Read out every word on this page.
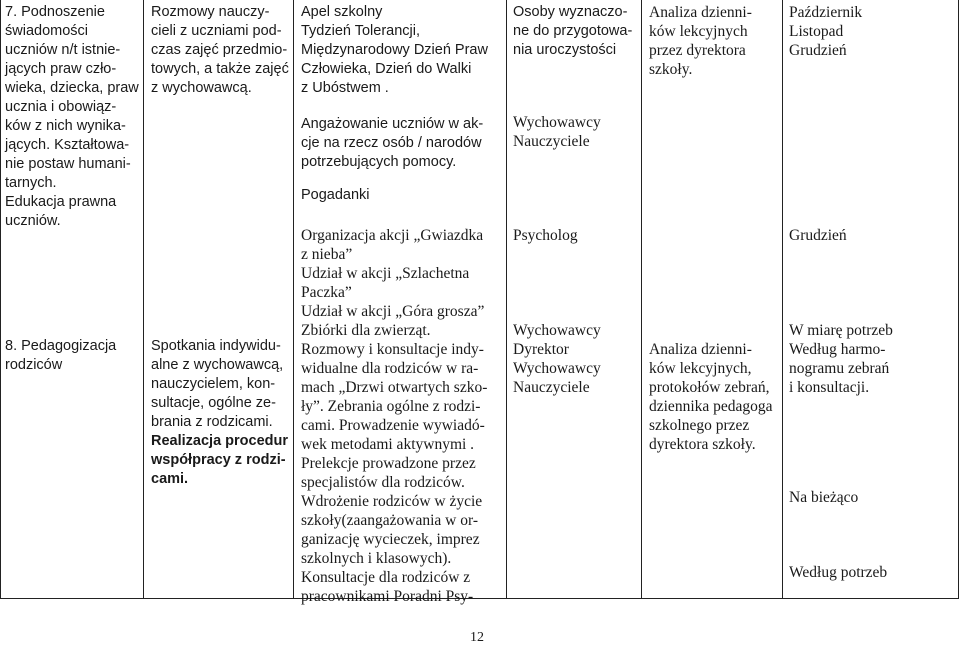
7. Podnoszenie
świadomości
uczniów n/t istnie-
jących praw czło-
wieka, dziecka, praw
ucznia i obowiąz-
ków z nich wynika-
jących. Kształtowa-
nie postaw humani-
tarnych.
Edukacja prawna
uczniów.
Rozmowy nauczy-
cieli z uczniami pod-
czas zajęć przedmio-
towych, a także zajęć
z wychowawcą.
Apel szkolny
Tydzień Tolerancji,
Międzynarodowy Dzień Praw
Człowieka, Dzień do Walki
z Ubóstwem .
Angażowanie uczniów w ak-
cje na rzecz osób / narodów
potrzebujących pomocy.
Pogadanki
Organizacja akcji „Gwiazdka
z nieba”
Udział w akcji „Szlachetna
Paczka”
Udział w akcji „Góra grosza”
Zbiórki dla zwierząt.
Osoby wyznaczo-
ne do przygotowa-
nia uroczystości
Wychowawcy
Nauczyciele
Psycholog
Analiza dzienni-
ków lekcyjnych
przez dyrektora
szkoły.
Październik
Listopad
Grudzień
Grudzień
8. Pedagogizacja
rodziców
Spotkania indywidu-
alne z wychowawcą,
nauczycielem, kon-
sultacje, ogólne ze-
brania z rodzicami.
Realizacja procedur
współpracy z rodzi-
cami.
Rozmowy i konsultacje indy-
widualne dla rodziców w ra-
mach „Drzwi otwartych szko-
ły”. Zebrania ogólne z rodzi-
cami. Prowadzenie wywiadó-
wek metodami aktywnymi .
Prelekcje prowadzone przez
specjalistów dla rodziców.
Wdrożenie rodziców w życie
szkoły(zaangażowania w or-
ganizację wycieczek, imprez
szkolnych i klasowych).
Konsultacje dla rodziców z
pracownikami Poradni Psy-
Wychowawcy
Dyrektor
Wychowawcy
Nauczyciele
Analiza dzienni-
ków lekcyjnych,
protokołów zebrań,
dziennika pedagoga
szkolnego przez
dyrektora szkoły.
W miarę potrzeb
Według harmo-
nogramu zebrań
i konsultacji.
Na bieżąco
Według potrzeb
12
